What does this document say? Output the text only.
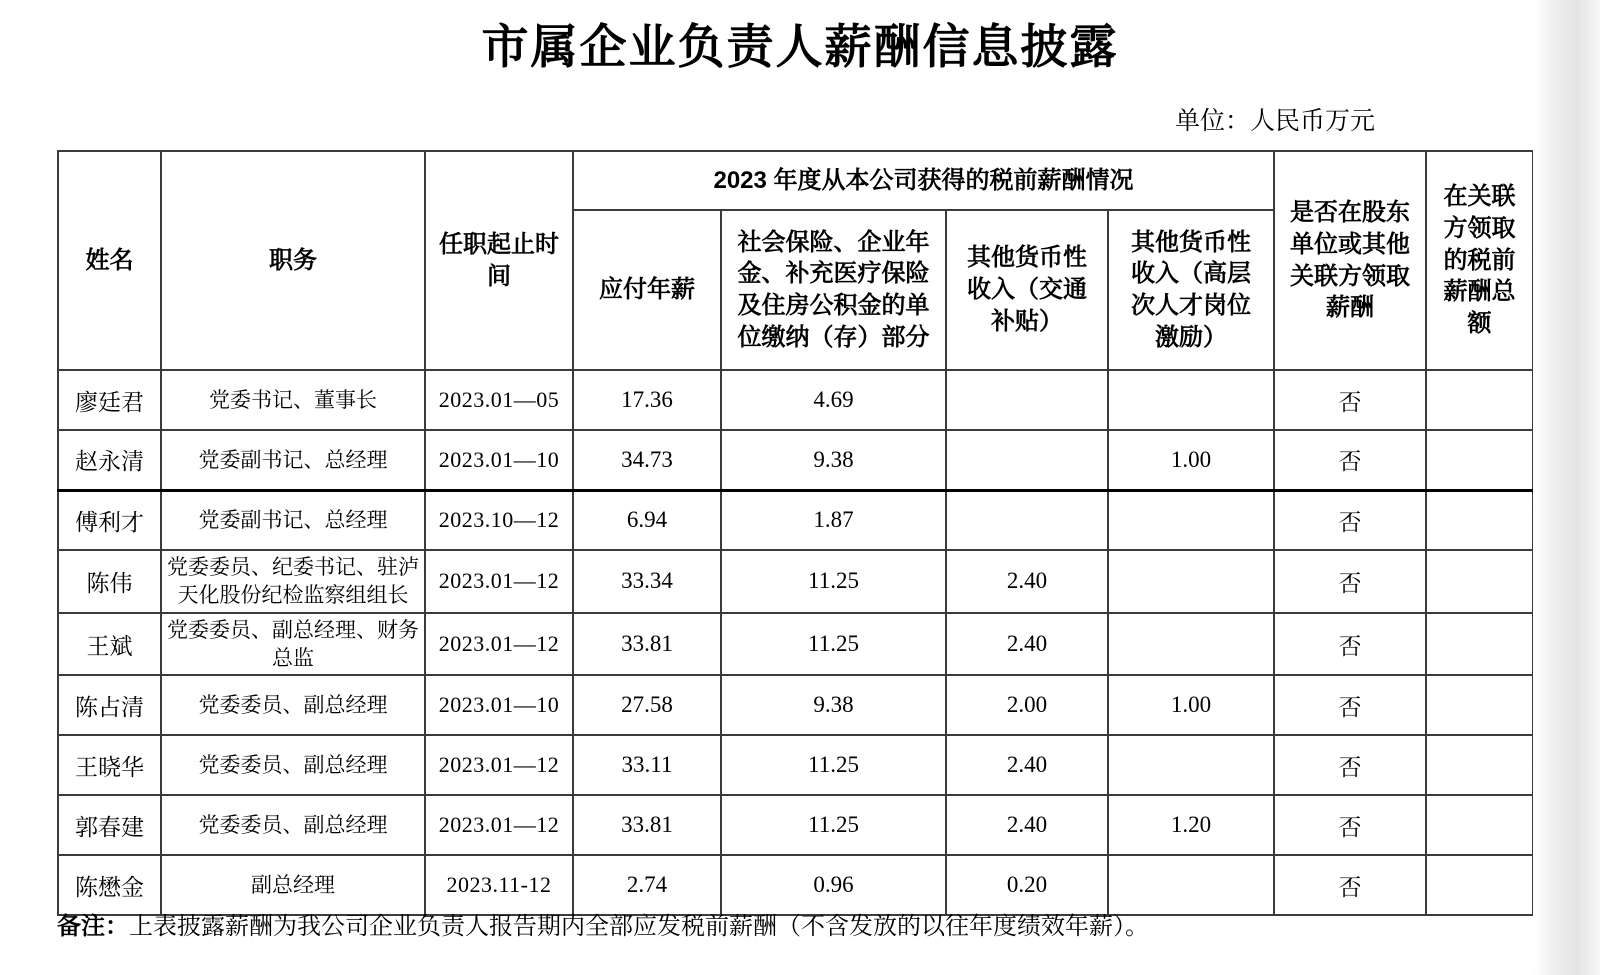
市属企业负责人薪酬信息披露
单位：人民币万元
姓名	职务	任职起止时间	2023 年度从本公司获得的税前薪酬情况				是否在股东单位或其他关联方领取薪酬	在关联方领取的税前薪酬总额
			应付年薪	社会保险、企业年金、补充医疗保险及住房公积金的单位缴纳（存）部分	其他货币性收入（交通补贴）	其他货币性收入（高层次人才岗位激励）		
廖廷君	党委书记、董事长	2023.01—05	17.36	4.69			否	
赵永清	党委副书记、总经理	2023.01—10	34.73	9.38		1.00	否	
傅利才	党委副书记、总经理	2023.10—12	6.94	1.87			否	
陈伟	党委委员、纪委书记、驻泸天化股份纪检监察组组长	2023.01—12	33.34	11.25	2.40		否	
王斌	党委委员、副总经理、财务总监	2023.01—12	33.81	11.25	2.40		否	
陈占清	党委委员、副总经理	2023.01—10	27.58	9.38	2.00	1.00	否	
王晓华	党委委员、副总经理	2023.01—12	33.11	11.25	2.40		否	
郭春建	党委委员、副总经理	2023.01—12	33.81	11.25	2.40	1.20	否	
陈懋金	副总经理	2023.11-12	2.74	0.96	0.20		否	
备注：上表披露薪酬为我公司企业负责人报告期内全部应发税前薪酬（不含发放的以往年度绩效年薪）。
